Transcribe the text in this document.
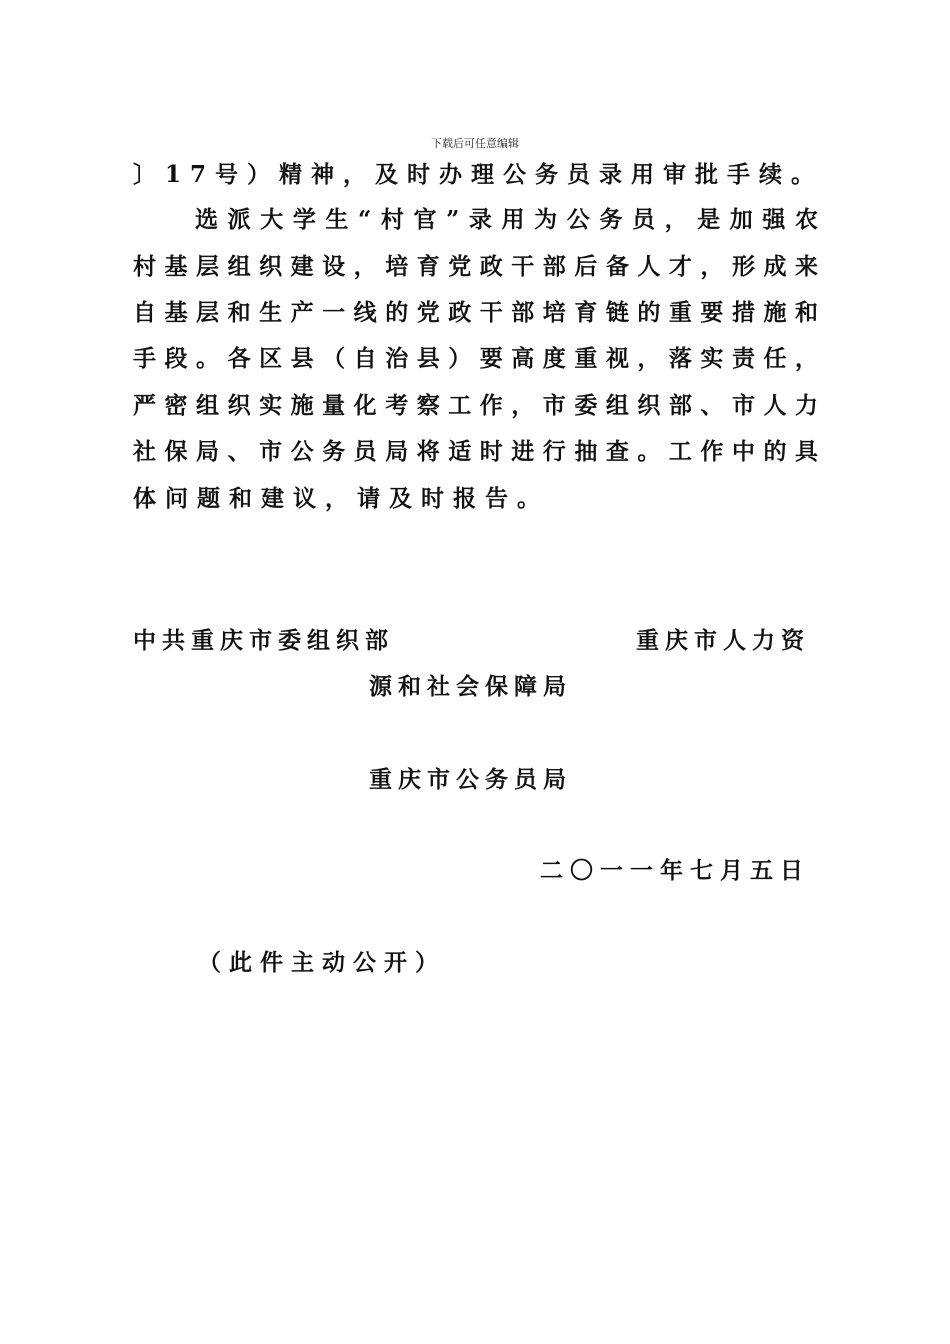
下载后可任意编辑
〕17号）精神，及时办理公务员录用审批手续。
选派大学生“村官”录用为公务员，是加强农
村基层组织建设，培育党政干部后备人才，形成来
自基层和生产一线的党政干部培育链的重要措施和
手段。各区县（自治县）要高度重视，落实责任，
严密组织实施量化考察工作，市委组织部、市人力
社保局、市公务员局将适时进行抽查。工作中的具
体问题和建议，请及时报告。
中共重庆市委组织部	重庆市人力资
源和社会保障局
重庆市公务员局
二〇一一年七月五日
（此件主动公开）
